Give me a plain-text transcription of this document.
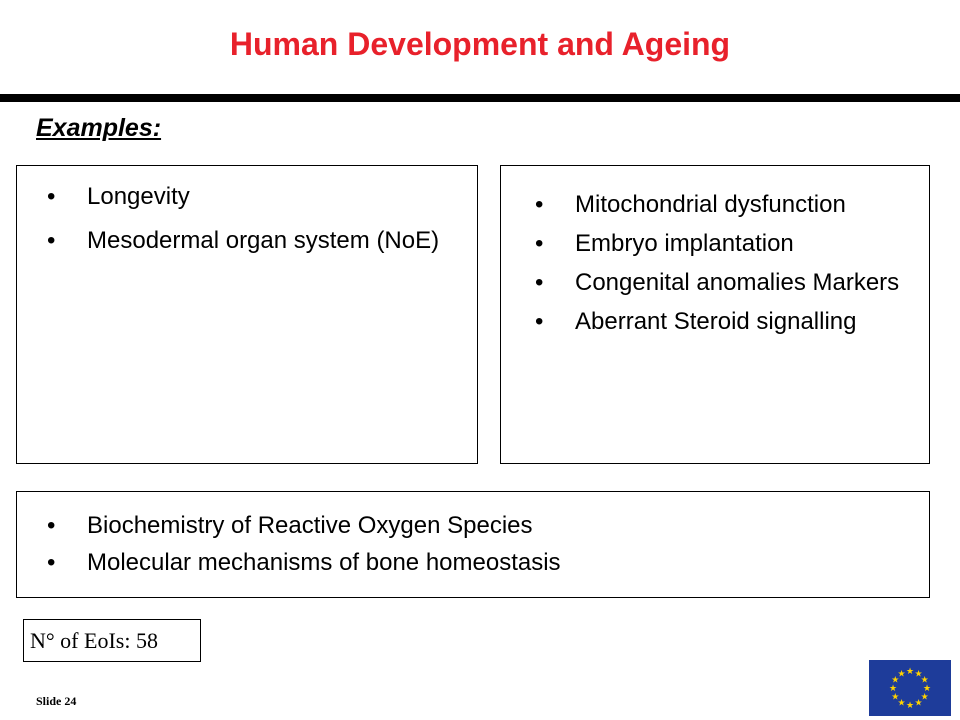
Human Development and Ageing
Examples:
• Longevity
• Mesodermal organ system (NoE)
• Mitochondrial dysfunction
• Embryo implantation
• Congenital anomalies Markers
• Aberrant Steroid signalling
• Biochemistry of Reactive Oxygen Species
• Molecular mechanisms of bone homeostasis
N° of EoIs: 58
Slide 24
★ ★
★
★
★
★
★
★
★
★
★
★
